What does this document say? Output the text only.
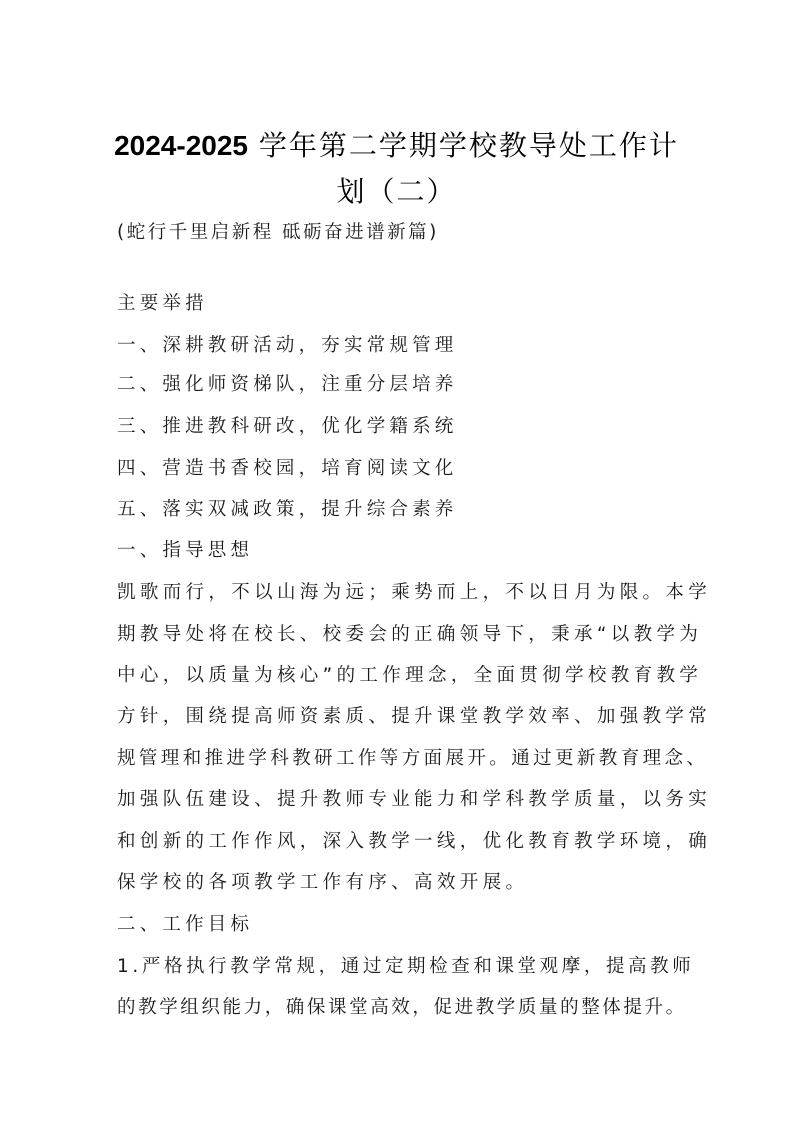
2024-2025 学年第二学期学校教导处工作计
划（二）
(蛇行千里启新程 砥砺奋进谱新篇)
主要举措
一、深耕教研活动，夯实常规管理
二、强化师资梯队，注重分层培养
三、推进教科研改，优化学籍系统
四、营造书香校园，培育阅读文化
五、落实双减政策，提升综合素养
一、指导思想
凯歌而行，不以山海为远；乘势而上，不以日月为限。本学
期教导处将在校长、校委会的正确领导下，秉承“以教学为
中心，以质量为核心”的工作理念，全面贯彻学校教育教学
方针，围绕提高师资素质、提升课堂教学效率、加强教学常
规管理和推进学科教研工作等方面展开。通过更新教育理念、
加强队伍建设、提升教师专业能力和学科教学质量，以务实
和创新的工作作风，深入教学一线，优化教育教学环境，确
保学校的各项教学工作有序、高效开展。
二、工作目标
1.严格执行教学常规，通过定期检查和课堂观摩，提高教师
的教学组织能力，确保课堂高效，促进教学质量的整体提升。
